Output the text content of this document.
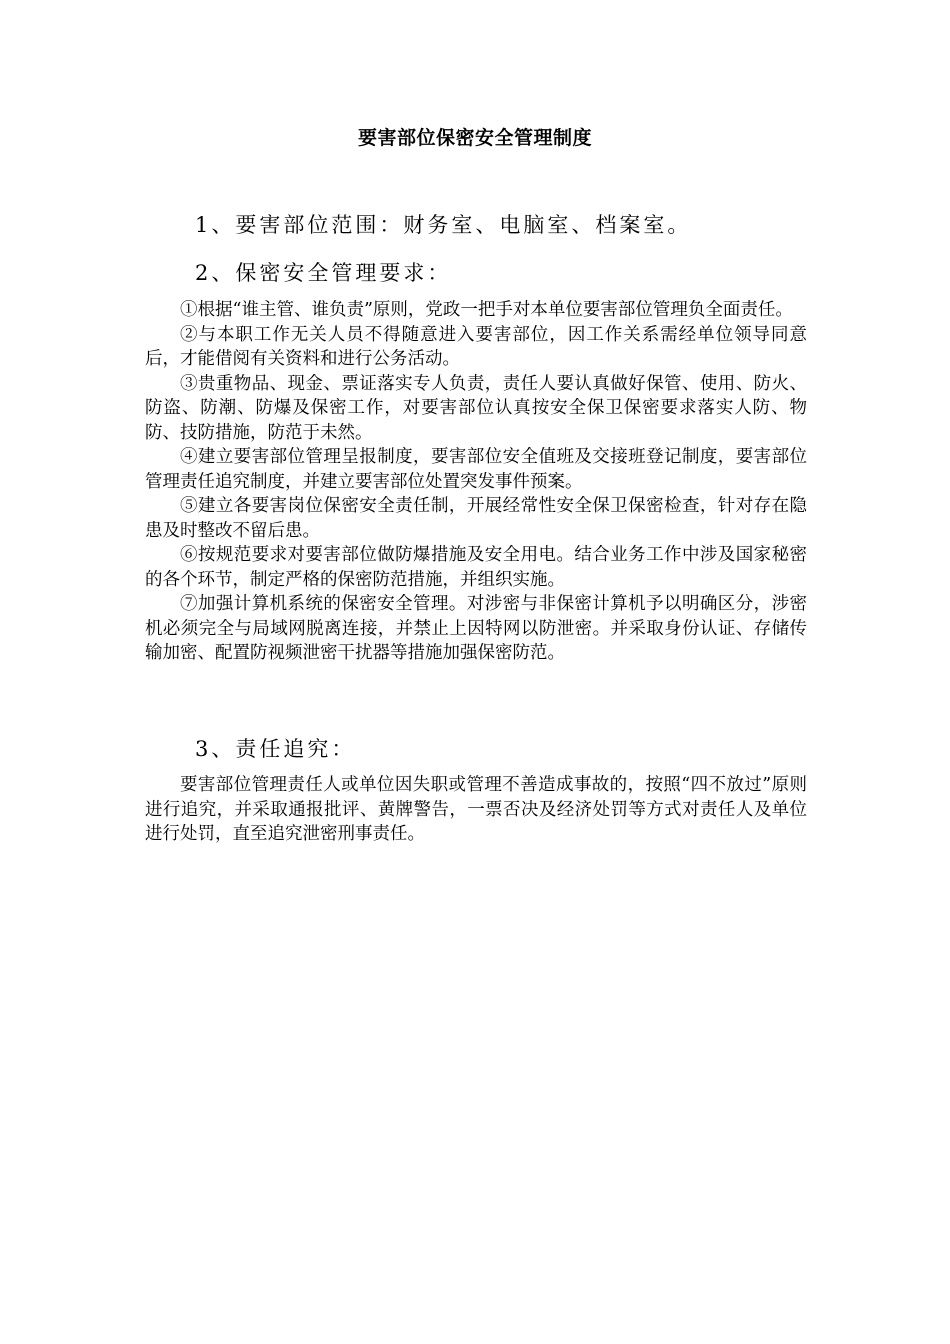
要害部位保密安全管理制度
1、要害部位范围：财务室、电脑室、档案室。
2、保密安全管理要求：

①根据“谁主管、谁负责”原则，党政一把手对本单位要害部位管理负全面责任。

②与本职工作无关人员不得随意进入要害部位，因工作关系需经单位领导同意后，才能借阅有关资料和进行公务活动。

③贵重物品、现金、票证落实专人负责，责任人要认真做好保管、使用、防火、防盗、防潮、防爆及保密工作，对要害部位认真按安全保卫保密要求落实人防、物防、技防措施，防范于未然。

④建立要害部位管理呈报制度，要害部位安全值班及交接班登记制度，要害部位管理责任追究制度，并建立要害部位处置突发事件预案。

⑤建立各要害岗位保密安全责任制，开展经常性安全保卫保密检查，针对存在隐患及时整改不留后患。

⑥按规范要求对要害部位做防爆措施及安全用电。结合业务工作中涉及国家秘密的各个环节，制定严格的保密防范措施，并组织实施。

⑦加强计算机系统的保密安全管理。对涉密与非保密计算机予以明确区分，涉密机必须完全与局域网脱离连接，并禁止上因特网以防泄密。并采取身份认证、存储传输加密、配置防视频泄密干扰器等措施加强保密防范。

3、责任追究：

要害部位管理责任人或单位因失职或管理不善造成事故的，按照“四不放过”原则进行追究，并采取通报批评、黄牌警告，一票否决及经济处罚等方式对责任人及单位进行处罚，直至追究泄密刑事责任。
